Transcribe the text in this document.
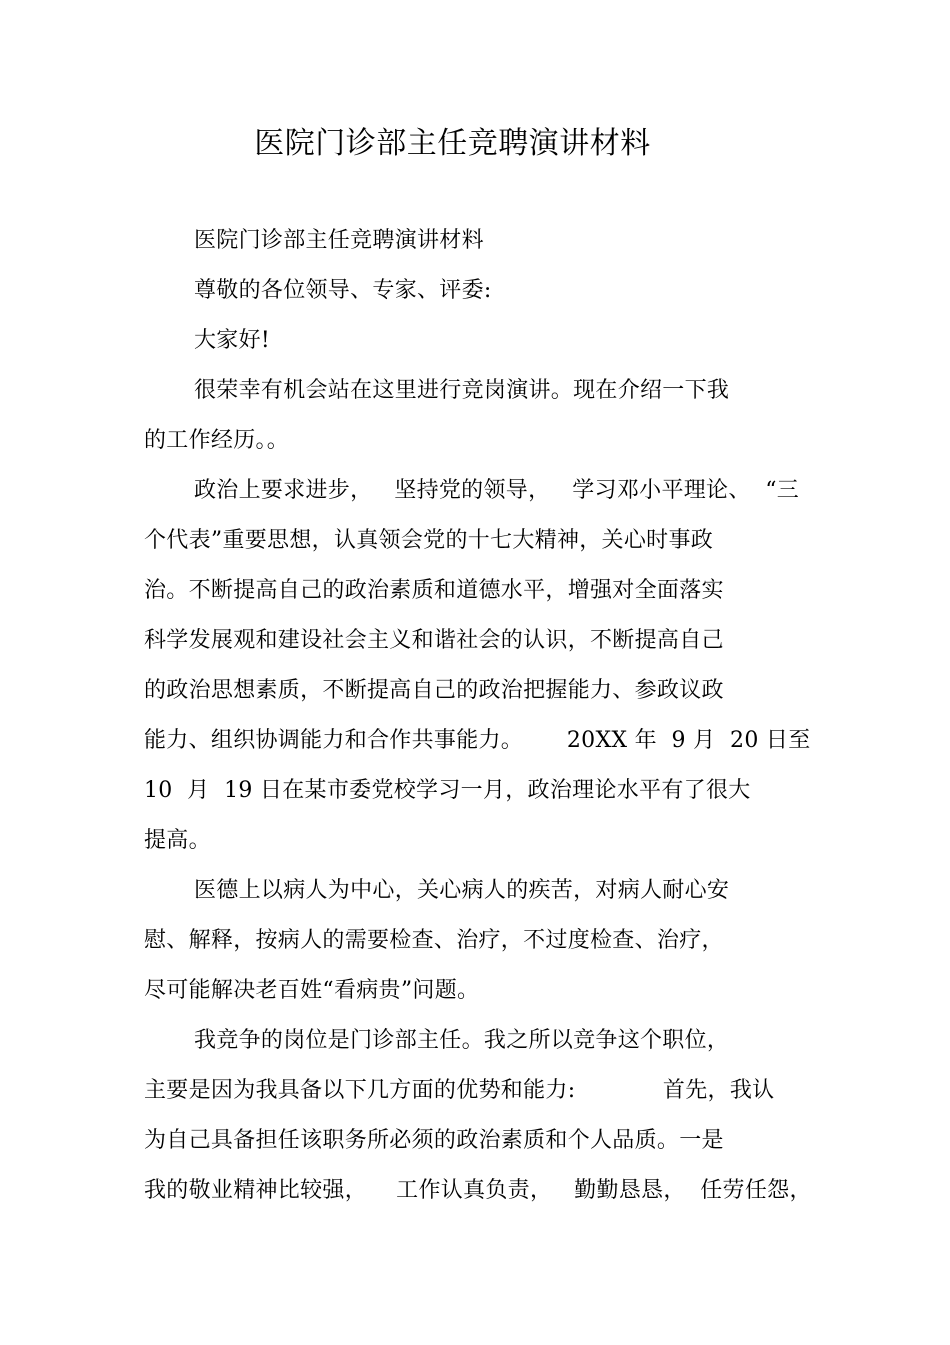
医院门诊部主任竞聘演讲材料
医院门诊部主任竞聘演讲材料
尊敬的各位领导、专家、评委:
大家好!
很荣幸有机会站在这里进行竞岗演讲。现在介绍一下我
的工作经历。。
政治上要求进步，   坚持党的领导，   学习邓小平理论、  “三
个代表”重要思想，认真领会党的十七大精神，关心时事政
治。不断提高自己的政治素质和道德水平，增强对全面落实
科学发展观和建设社会主义和谐社会的认识，不断提高自己
的政治思想素质，不断提高自己的政治把握能力、参政议政
能力、组织协调能力和合作共事能力。      20XX 年  9 月  20 日至
10  月  19 日在某市委党校学习一月，政治理论水平有了很大
提高。
医德上以病人为中心，关心病人的疾苦，对病人耐心安
慰、解释，按病人的需要检查、治疗，不过度检查、治疗，
尽可能解决老百姓“看病贵”问题。
我竞争的岗位是门诊部主任。我之所以竞争这个职位，
主要是因为我具备以下几方面的优势和能力:            首先，我认
为自己具备担任该职务所必须的政治素质和个人品质。一是
我的敬业精神比较强，    工作认真负责，   勤勤恳恳，  任劳任怨，
